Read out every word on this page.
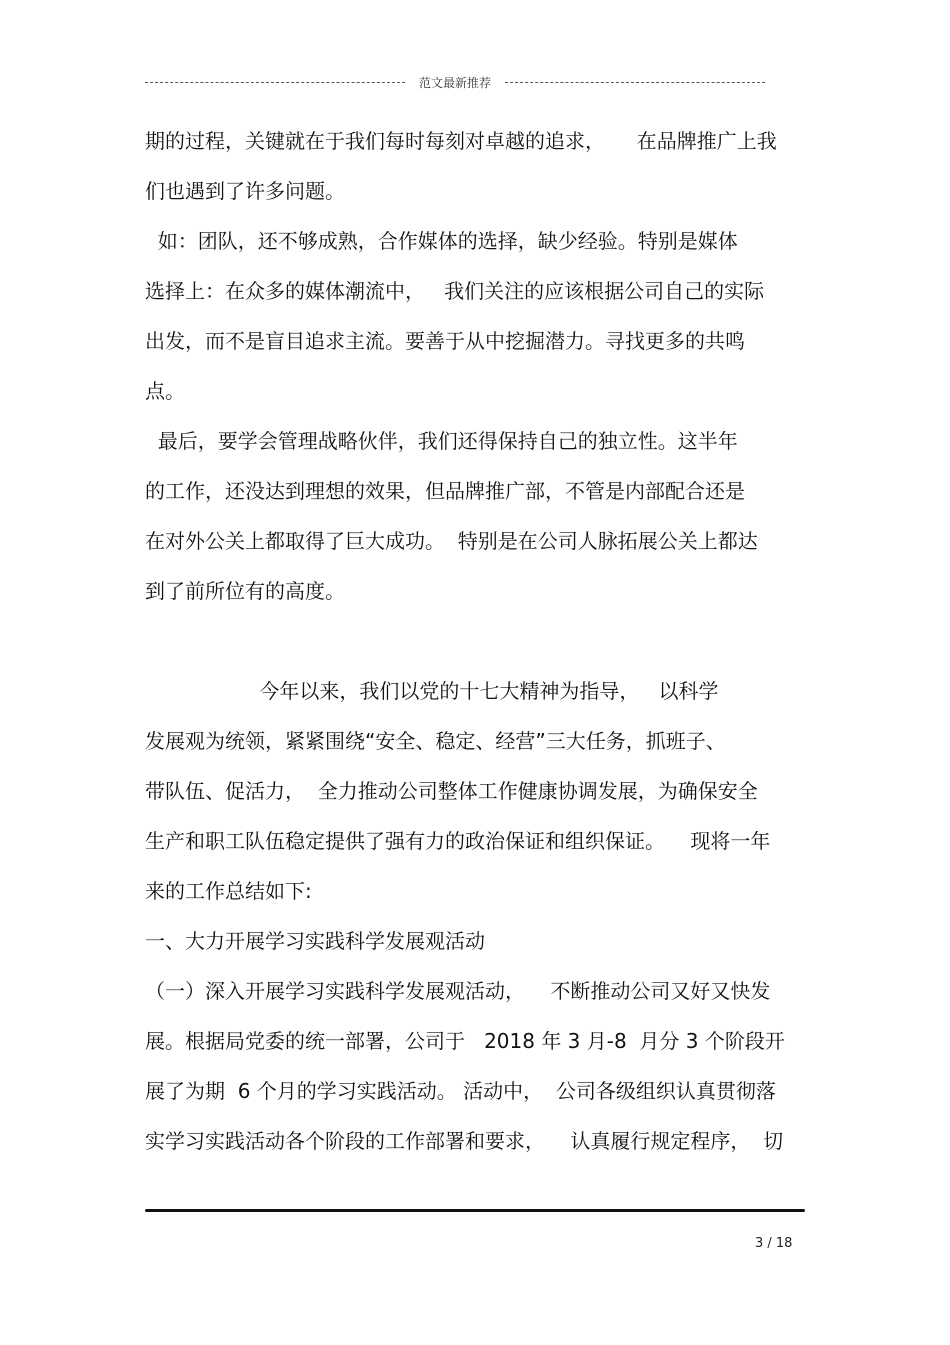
范文最新推荐
期的过程，关键就在于我们每时每刻对卓越的追求，     在品牌推广上我
们也遇到了许多问题。
如：团队，还不够成熟，合作媒体的选择，缺少经验。特别是媒体
选择上：在众多的媒体潮流中，   我们关注的应该根据公司自己的实际
出发，而不是盲目追求主流。要善于从中挖掘潜力。寻找更多的共鸣
点。
最后，要学会管理战略伙伴，我们还得保持自己的独立性。这半年
的工作，还没达到理想的效果，但品牌推广部，不管是内部配合还是
在对外公关上都取得了巨大成功。  特别是在公司人脉拓展公关上都达
到了前所位有的高度。
今年以来，我们以党的十七大精神为指导，   以科学
发展观为统领，紧紧围绕“安全、稳定、经营”三大任务，抓班子、
带队伍、促活力，  全力推动公司整体工作健康协调发展，为确保安全
生产和职工队伍稳定提供了强有力的政治保证和组织保证。    现将一年
来的工作总结如下:
一、大力开展学习实践科学发展观活动
（一）深入开展学习实践科学发展观活动，    不断推动公司又好又快发
展。根据局党委的统一部署，公司于   2018 年 3 月-8  月分 3 个阶段开
展了为期  6 个月的学习实践活动。 活动中，  公司各级组织认真贯彻落
实学习实践活动各个阶段的工作部署和要求，    认真履行规定程序，  切
3 / 18
